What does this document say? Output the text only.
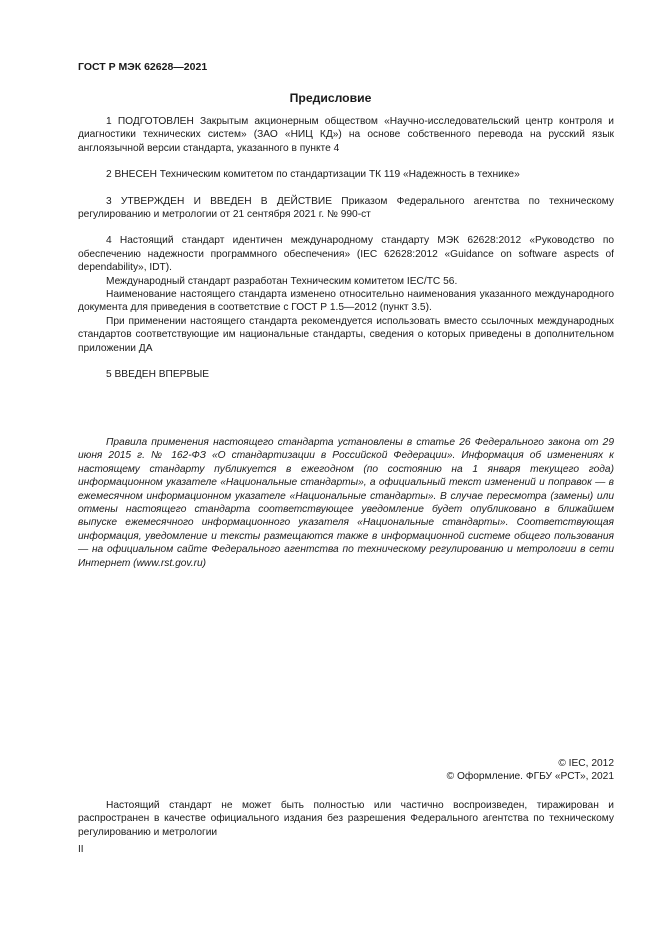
ГОСТ Р МЭК 62628—2021
Предисловие

1 ПОДГОТОВЛЕН Закрытым акционерным обществом «Научно-исследовательский центр контроля и диагностики технических систем» (ЗАО «НИЦ КД») на основе собственного перевода на русский язык англоязычной версии стандарта, указанного в пункте 4

2 ВНЕСЕН Техническим комитетом по стандартизации ТК 119 «Надежность в технике»

3 УТВЕРЖДЕН И ВВЕДЕН В ДЕЙСТВИЕ Приказом Федерального агентства по техническому регулированию и метрологии от 21 сентября 2021 г. № 990-ст

4 Настоящий стандарт идентичен международному стандарту МЭК 62628:2012 «Руководство по обеспечению надежности программного обеспечения» (IEC 62628:2012 «Guidance on software aspects of dependability», IDT).

Международный стандарт разработан Техническим комитетом IEC/TC 56.

Наименование настоящего стандарта изменено относительно наименования указанного международного документа для приведения в соответствие с ГОСТ Р 1.5—2012 (пункт 3.5).

При применении настоящего стандарта рекомендуется использовать вместо ссылочных международных стандартов соответствующие им национальные стандарты, сведения о которых приведены в дополнительном приложении ДА

5 ВВЕДЕН ВПЕРВЫЕ

Правила применения настоящего стандарта установлены в статье 26 Федерального закона от 29 июня 2015 г. № 162-ФЗ «О стандартизации в Российской Федерации». Информация об изменениях к настоящему стандарту публикуется в ежегодном (по состоянию на 1 января текущего года) информационном указателе «Национальные стандарты», а официальный текст изменений и поправок — в ежемесячном информационном указателе «Национальные стандарты». В случае пересмотра (замены) или отмены настоящего стандарта соответствующее уведомление будет опубликовано в ближайшем выпуске ежемесячного информационного указателя «Национальные стандарты». Соответствующая информация, уведомление и тексты размещаются также в информационной системе общего пользования — на официальном сайте Федерального агентства по техническому регулированию и метрологии в сети Интернет (www.rst.gov.ru)

© IEC, 2012

© Оформление. ФГБУ «РСТ», 2021

Настоящий стандарт не может быть полностью или частично воспроизведен, тиражирован и распространен в качестве официального издания без разрешения Федерального агентства по техническому регулированию и метрологии

II
